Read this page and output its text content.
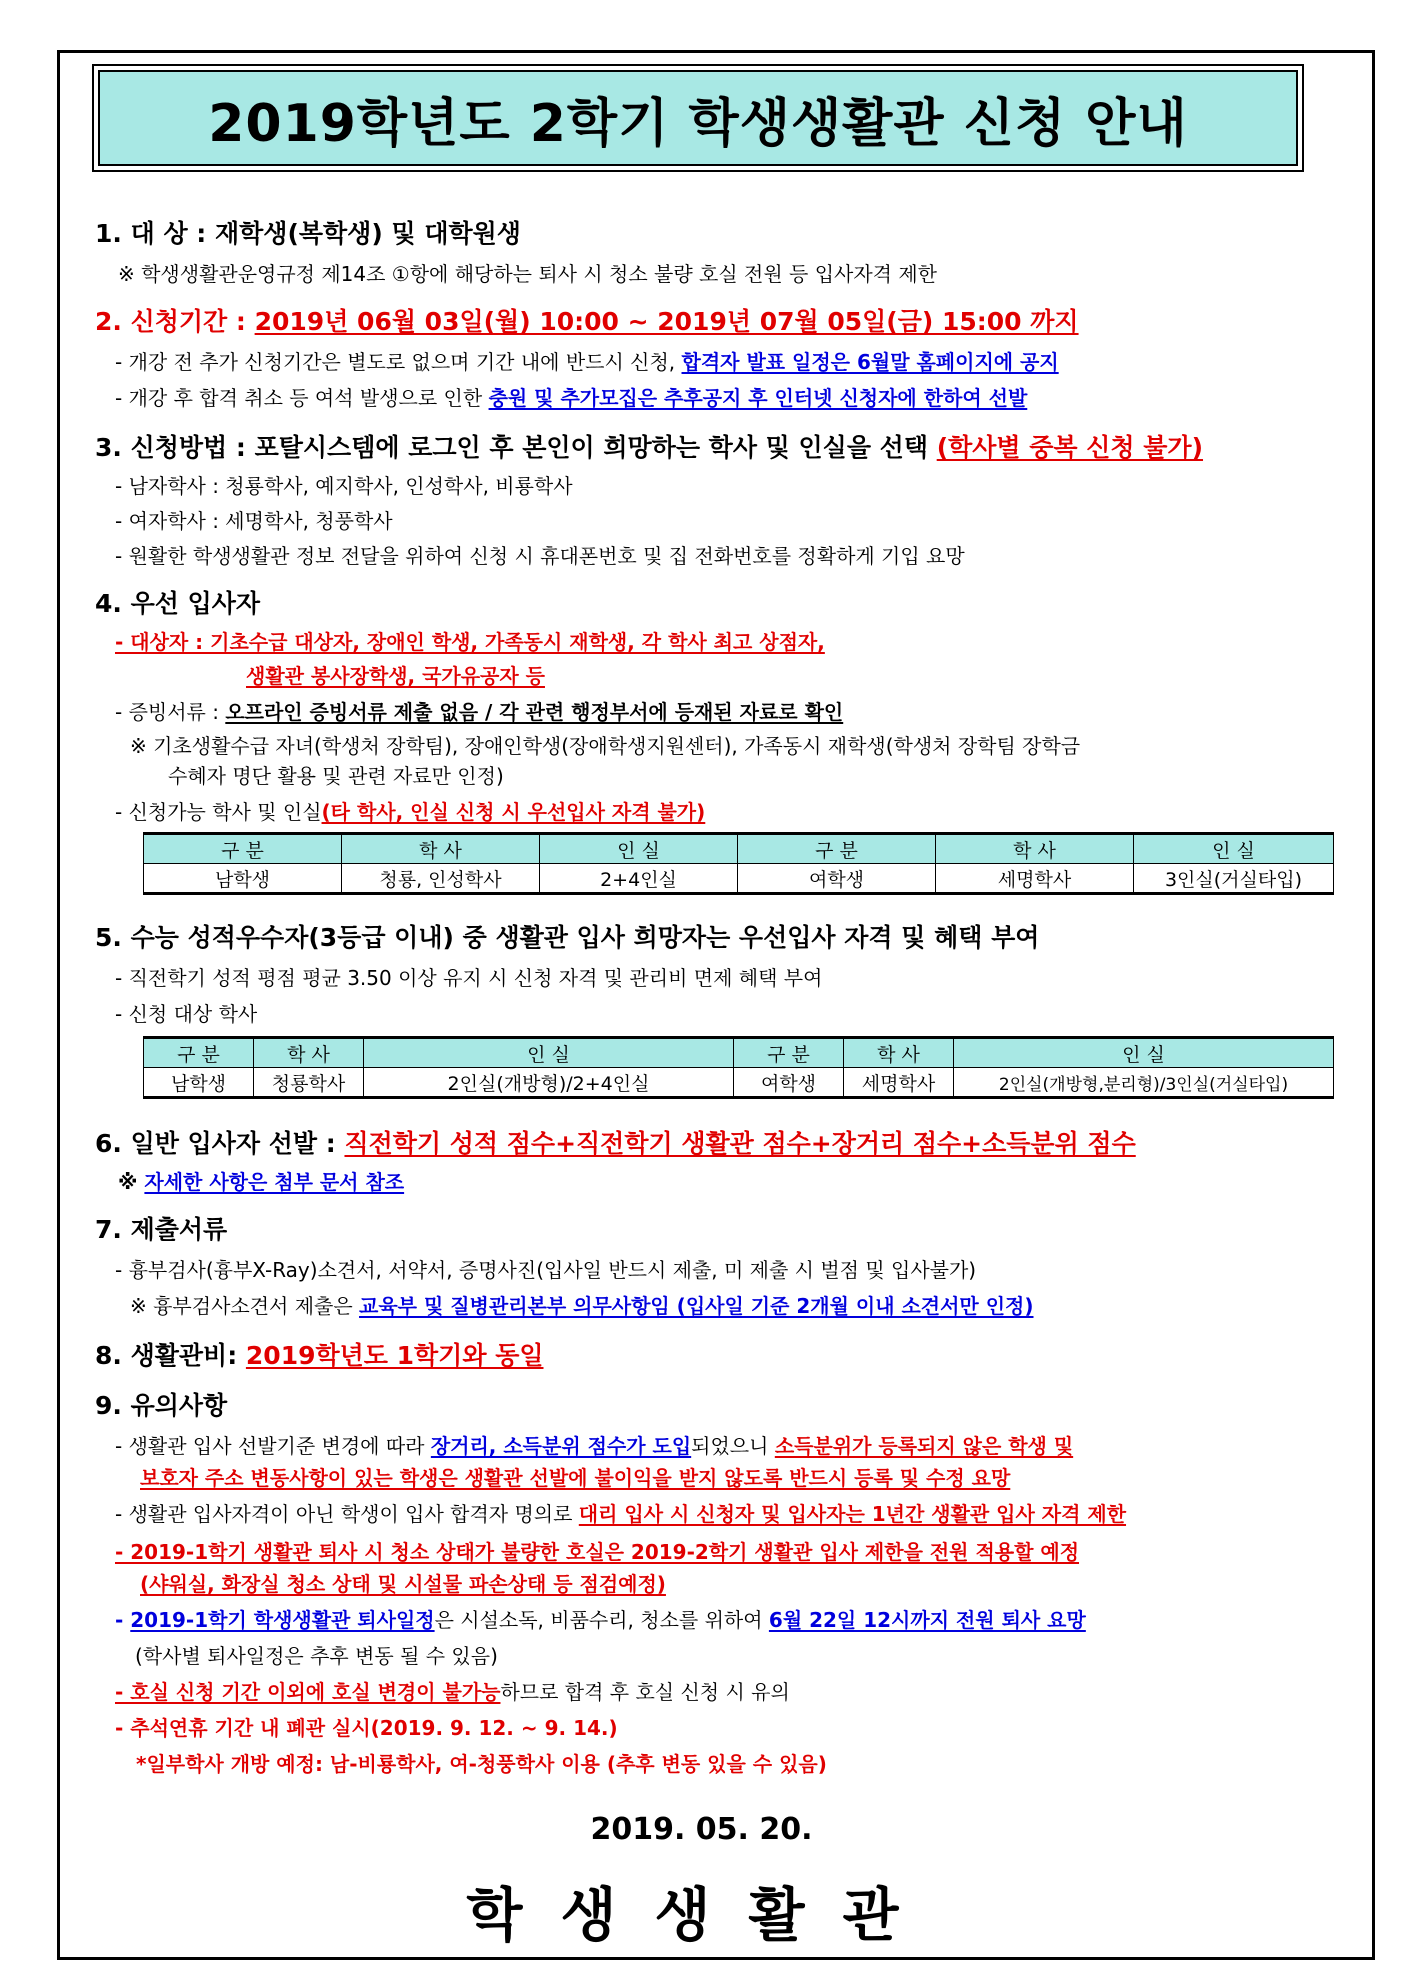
2019학년도 2학기 학생생활관 신청 안내
1. 대 상 : 재학생(복학생) 및 대학원생
※ 학생생활관운영규정 제14조 ①항에 해당하는 퇴사 시 청소 불량 호실 전원 등 입사자격 제한
2. 신청기간 : 2019년 06월 03일(월) 10:00 ~ 2019년 07월 05일(금) 15:00 까지
- 개강 전 추가 신청기간은 별도로 없으며 기간 내에 반드시 신청, 합격자 발표 일정은 6월말 홈페이지에 공지
- 개강 후 합격 취소 등 여석 발생으로 인한 충원 및 추가모집은 추후공지 후 인터넷 신청자에 한하여 선발
3. 신청방법 : 포탈시스템에 로그인 후 본인이 희망하는 학사 및 인실을 선택 (학사별 중복 신청 불가)
- 남자학사 : 청룡학사, 예지학사, 인성학사, 비룡학사
- 여자학사 : 세명학사, 청풍학사
- 원활한 학생생활관 정보 전달을 위하여 신청 시 휴대폰번호 및 집 전화번호를 정확하게 기입 요망
4. 우선 입사자
- 대상자 : 기초수급 대상자, 장애인 학생, 가족동시 재학생, 각 학사 최고 상점자,
생활관 봉사장학생, 국가유공자 등
- 증빙서류 : 오프라인 증빙서류 제출 없음 / 각 관련 행정부서에 등재된 자료로 확인
※ 기초생활수급 자녀(학생처 장학팀), 장애인학생(장애학생지원센터), 가족동시 재학생(학생처 장학팀 장학금
수혜자 명단 활용 및 관련 자료만 인정)
- 신청가능 학사 및 인실(타 학사, 인실 신청 시 우선입사 자격 불가)
구 분	학 사	인 실	구 분	학 사	인 실
남학생	청룡, 인성학사	2+4인실	여학생	세명학사	3인실(거실타입)
5. 수능 성적우수자(3등급 이내) 중 생활관 입사 희망자는 우선입사 자격 및 혜택 부여
- 직전학기 성적 평점 평균 3.50 이상 유지 시 신청 자격 및 관리비 면제 혜택 부여
- 신청 대상 학사
구 분	학 사	인 실	구 분	학 사	인 실
남학생	청룡학사	2인실(개방형)/2+4인실	여학생	세명학사	2인실(개방형,분리형)/3인실(거실타입)
6. 일반 입사자 선발 : 직전학기 성적 점수+직전학기 생활관 점수+장거리 점수+소득분위 점수
※ 자세한 사항은 첨부 문서 참조
7. 제출서류
- 흉부검사(흉부X-Ray)소견서, 서약서, 증명사진(입사일 반드시 제출, 미 제출 시 벌점 및 입사불가)
※ 흉부검사소견서 제출은 교육부 및 질병관리본부 의무사항임 (입사일 기준 2개월 이내 소견서만 인정)
8. 생활관비: 2019학년도 1학기와 동일
9. 유의사항
- 생활관 입사 선발기준 변경에 따라 장거리, 소득분위 점수가 도입되었으니 소득분위가 등록되지 않은 학생 및
보호자 주소 변동사항이 있는 학생은 생활관 선발에 불이익을 받지 않도록 반드시 등록 및 수정 요망
- 생활관 입사자격이 아닌 학생이 입사 합격자 명의로 대리 입사 시 신청자 및 입사자는 1년간 생활관 입사 자격 제한
- 2019-1학기 생활관 퇴사 시 청소 상태가 불량한 호실은 2019-2학기 생활관 입사 제한을 전원 적용할 예정
(샤워실, 화장실 청소 상태 및 시설물 파손상태 등 점검예정)
- 2019-1학기 학생생활관 퇴사일정은 시설소독, 비품수리, 청소를 위하여 6월 22일 12시까지 전원 퇴사 요망
(학사별 퇴사일정은 추후 변동 될 수 있음)
- 호실 신청 기간 이외에 호실 변경이 불가능하므로 합격 후 호실 신청 시 유의
- 추석연휴 기간 내 폐관 실시(2019. 9. 12. ~ 9. 14.)
*일부학사 개방 예정: 남-비룡학사, 여-청풍학사 이용 (추후 변동 있을 수 있음)
2019. 05. 20.
학생생활관
